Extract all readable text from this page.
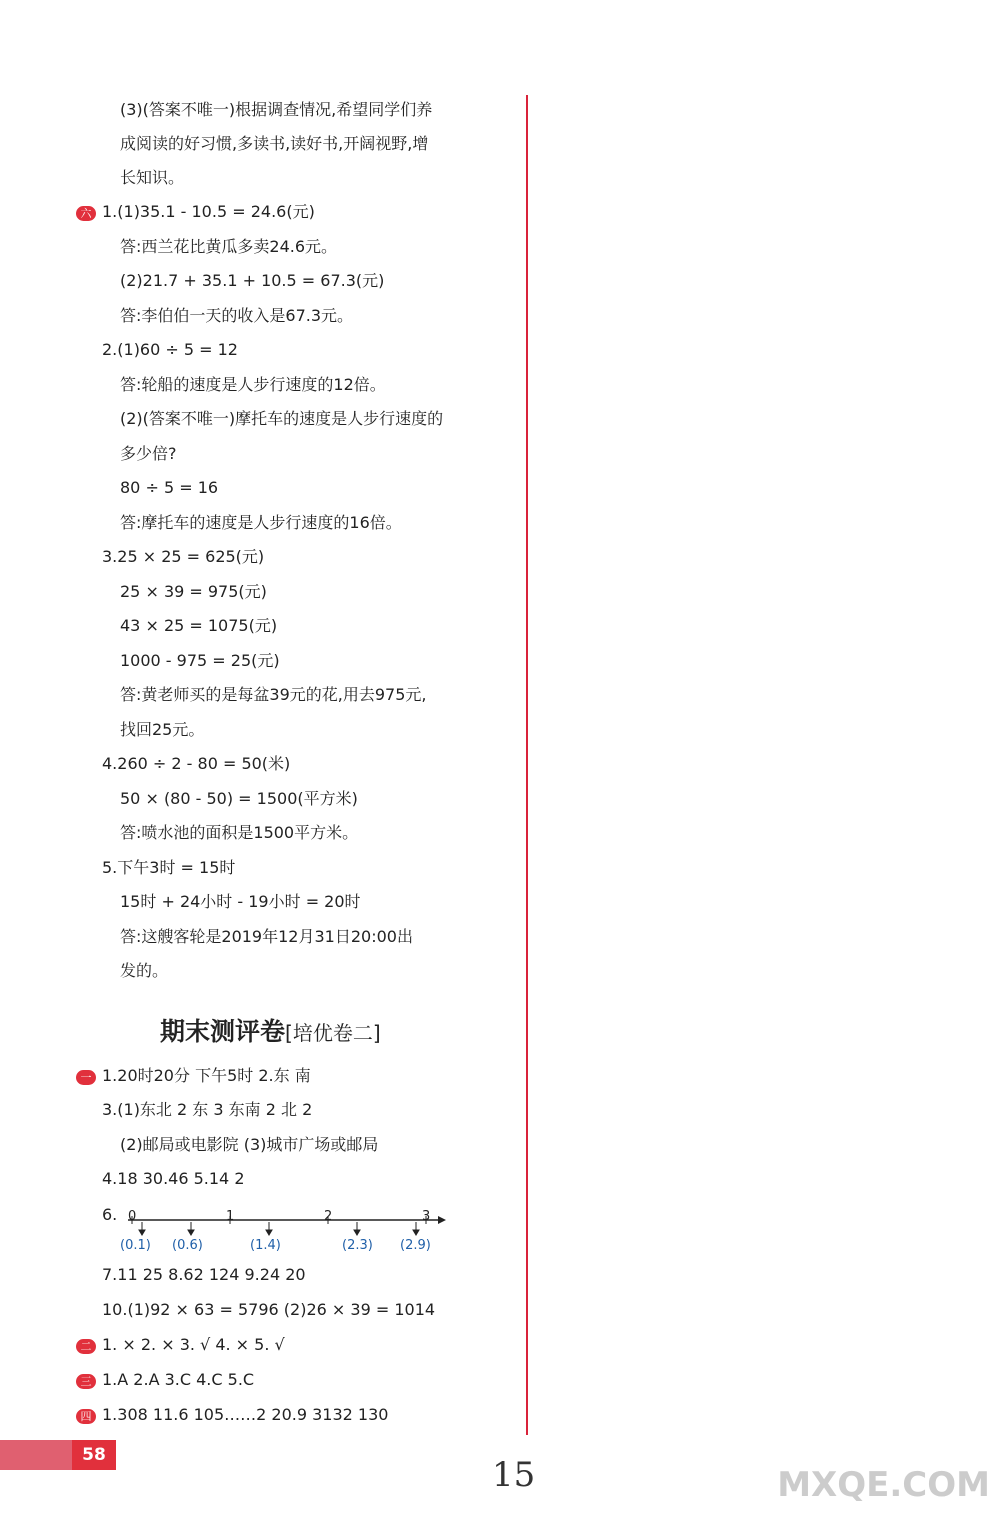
(3)(答案不唯一)根据调查情况,希望同学们养
成阅读的好习惯,多读书,读好书,开阔视野,增
长知识。
六 1.(1)35.1 - 10.5 = 24.6(元)
答:西兰花比黄瓜多卖24.6元。
(2)21.7 + 35.1 + 10.5 = 67.3(元)
答:李伯伯一天的收入是67.3元。
2.(1)60 ÷ 5 = 12
答:轮船的速度是人步行速度的12倍。
(2)(答案不唯一)摩托车的速度是人步行速度的
多少倍?
80 ÷ 5 = 16
答:摩托车的速度是人步行速度的16倍。
3.25 × 25 = 625(元)
25 × 39 = 975(元)
43 × 25 = 1075(元)
1000 - 975 = 25(元)
答:黄老师买的是每盆39元的花,用去975元,
找回25元。
4.260 ÷ 2 - 80 = 50(米)
50 × (80 - 50) = 1500(平方米)
答:喷水池的面积是1500平方米。
5.下午3时 = 15时
15时 + 24小时 - 19小时 = 20时
答:这艘客轮是2019年12月31日20:00出
发的。
期末测评卷[培优卷二]
一 1.20时20分 下午5时 2.东 南
3.(1)东北 2 东 3 东南 2 北 2
(2)邮局或电影院 (3)城市广场或邮局
4.18 30.46 5.14 2
6. 0	1	2	3
(0.1) (0.6)	(1.4)	(2.3) (2.9)
7.11 25 8.62 124 9.24 20
10.(1)92 × 63 = 5796 (2)26 × 39 = 1014
二 1. × 2. × 3. √ 4. × 5. √
三 1.A 2.A 3.C 4.C 5.C
四 1.308 11.6 105……2 20.9 3132 130

58	15	MXQE.COM
